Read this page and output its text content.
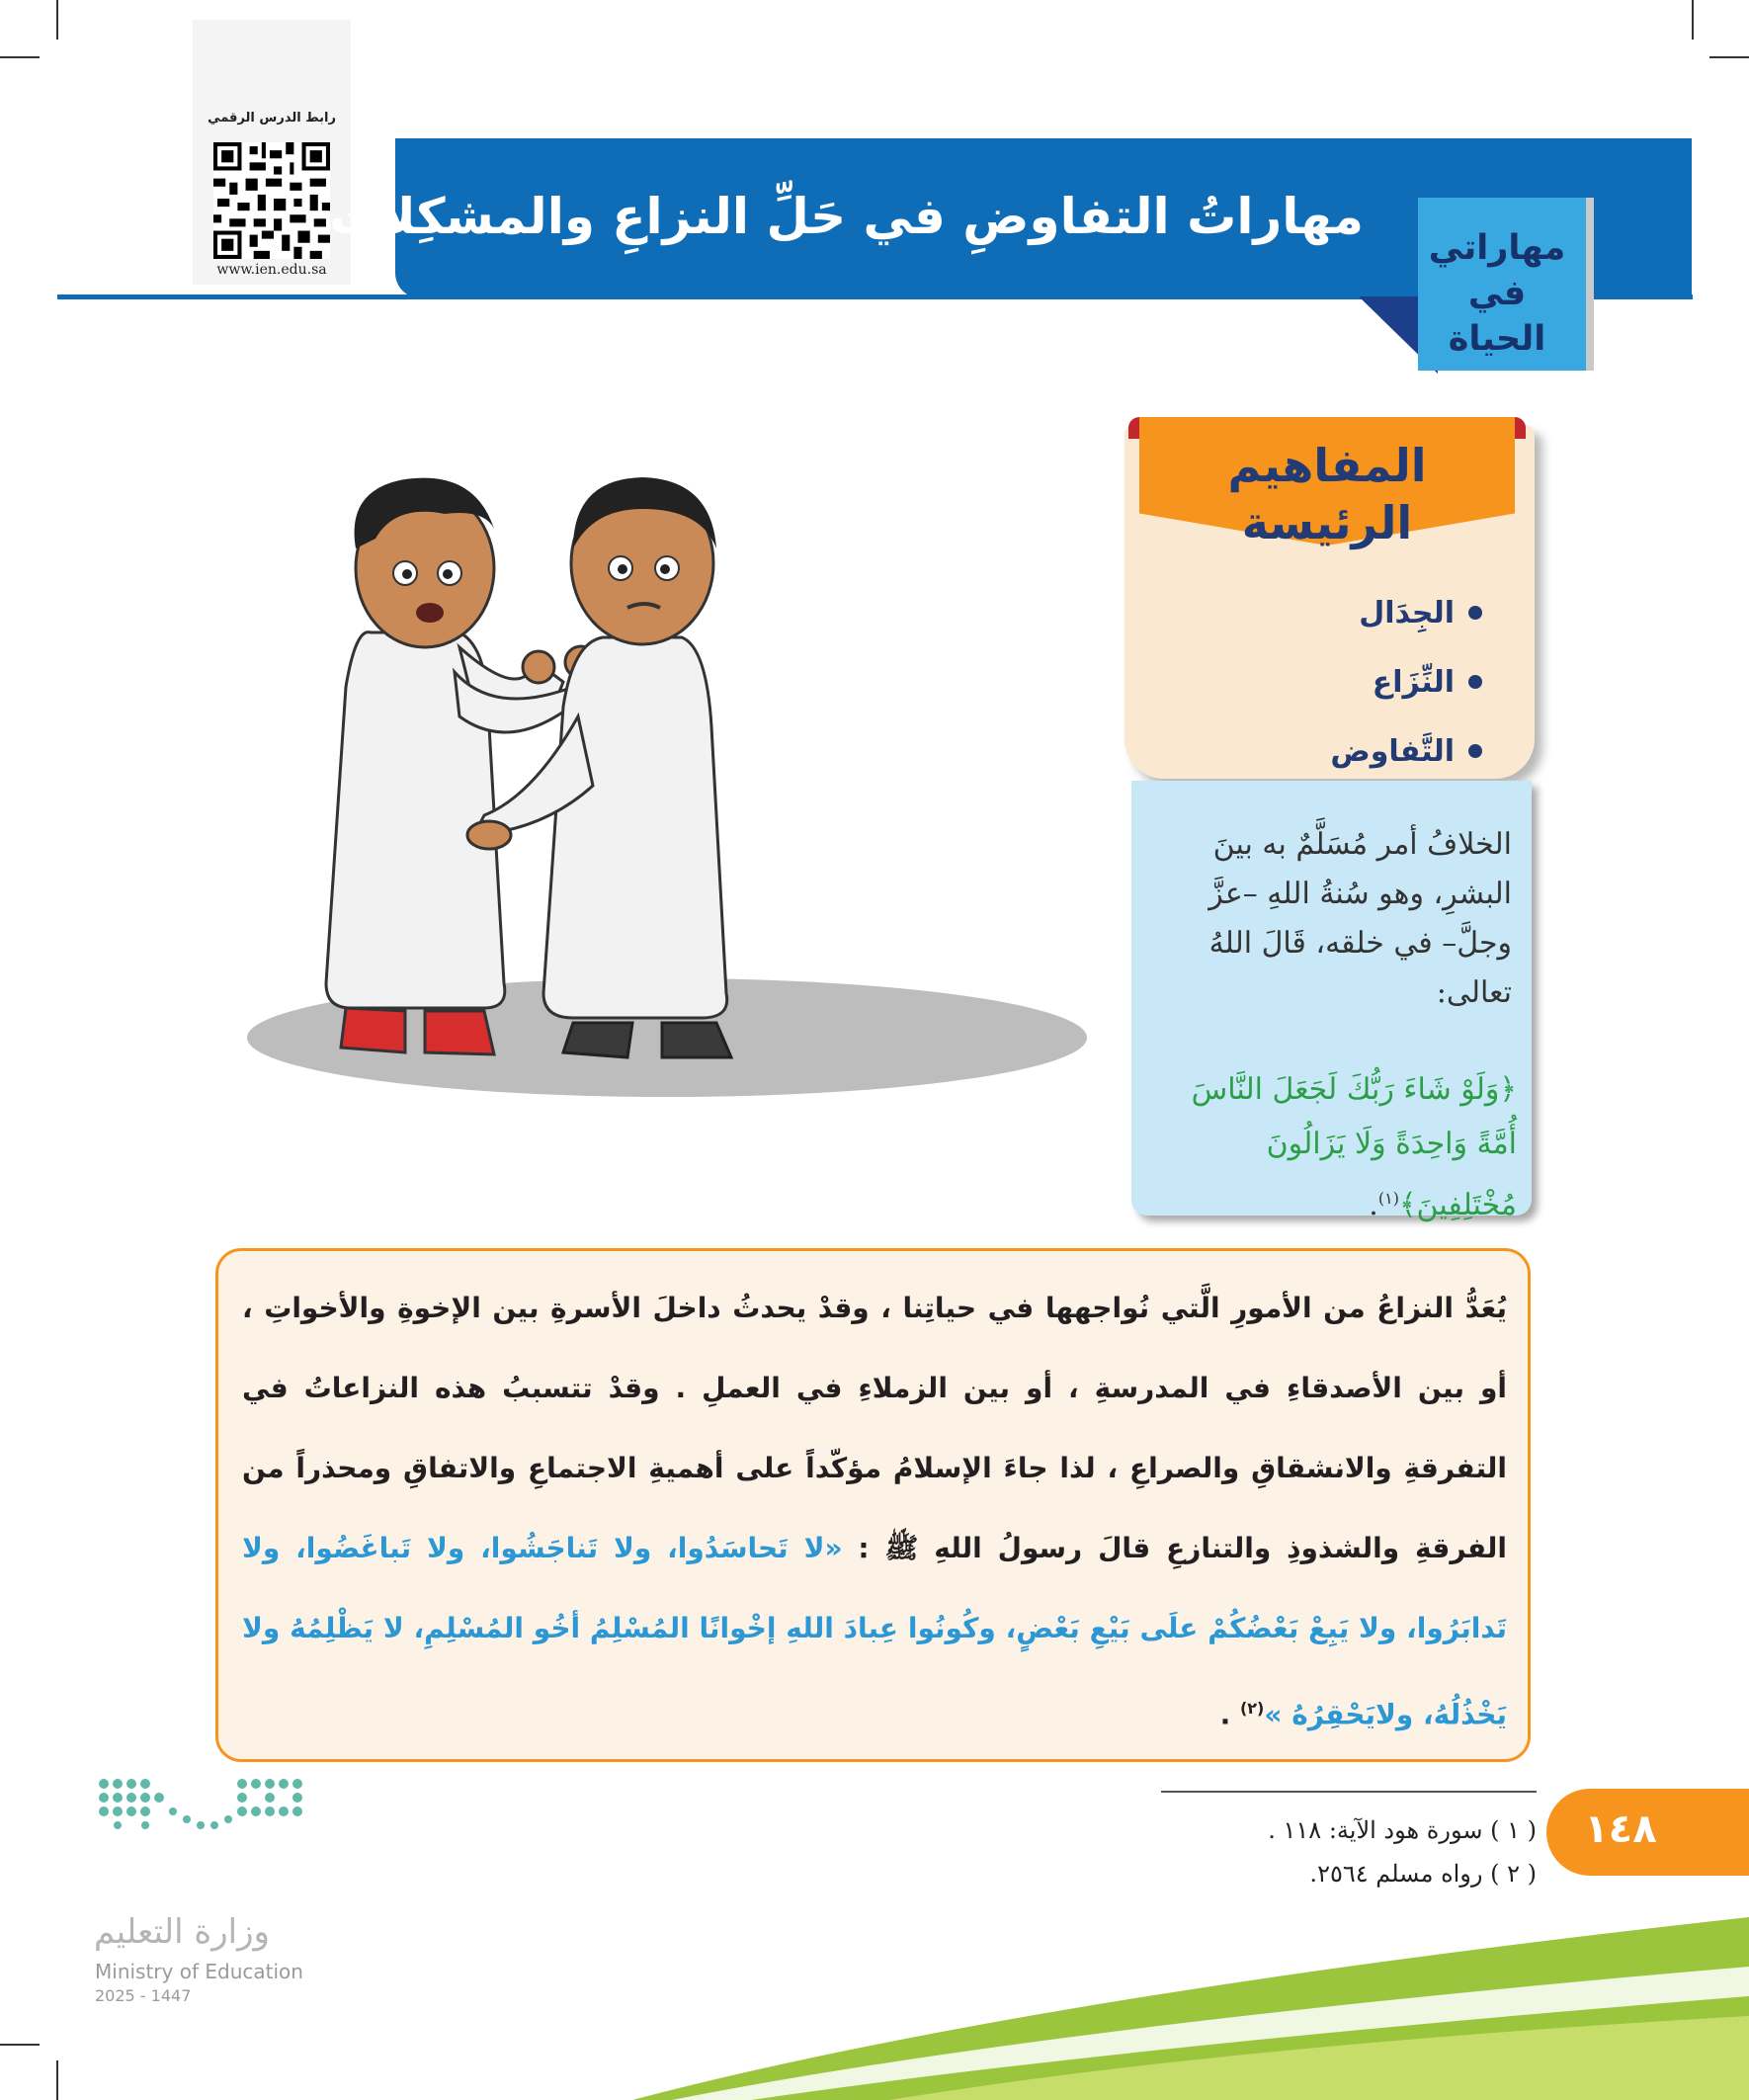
رابط الدرس الرقمي
www.ien.edu.sa
مهاراتُ التفاوضِ في حَلِّ النزاعِ والمشكِلات
مهاراتي
في الحياة
المفاهيم
الرئيسة
الجِدَال
النِّزَاع
التَّفاوض
الخلافُ أمر مُسَلَّمٌ به بينَ البشرِ، وهو سُنةُ اللهِ –عزَّ وجلَّ– في خلقه، قَالَ اللهُ تعالى:
﴿وَلَوْ شَاءَ رَبُّكَ لَجَعَلَ النَّاسَ أُمَّةً وَاحِدَةً وَلَا يَزَالُونَ مُخْتَلِفِينَ﴾$^{(١)}$.
يُعَدُّ النزاعُ من الأمورِ الَّتي نُواجهها في حياتِنا ، وقدْ يحدثُ داخلَ الأسرةِ بين الإخوةِ والأخواتِ ، أو بين الأصدقاءِ في المدرسةِ ، أو بين الزملاءِ في العملِ . وقدْ تتسببُ هذه النزاعاتُ في التفرقةِ والانشقاقِ والصراعِ ، لذا جاءَ الإسلامُ مؤكّداً على أهميةِ الاجتماعِ والاتفاقِ ومحذراً من الفرقةِ والشذوذِ والتنازعِ قالَ رسولُ اللهِ ﷺ : «لا تَحاسَدُوا، ولا تَناجَشُوا، ولا تَباغَضُوا، ولا تَدابَرُوا، ولا يَبِعْ بَعْضُكُمْ علَى بَيْعِ بَعْضٍ، وكُونُوا عِبادَ اللهِ إخْوانًا المُسْلِمُ أخُو المُسْلِمِ، لا يَظْلِمُهُ ولا يَخْذُلُهُ، ولايَحْقِرُهُ »$^{(٢)}$ .
( ١ ) سورة هود الآية: ١١٨ .
( ٢ ) رواه مسلم ٢٥٦٤.
١٤٨
وزارة التعليم
Ministry of Education
2025 - 1447
